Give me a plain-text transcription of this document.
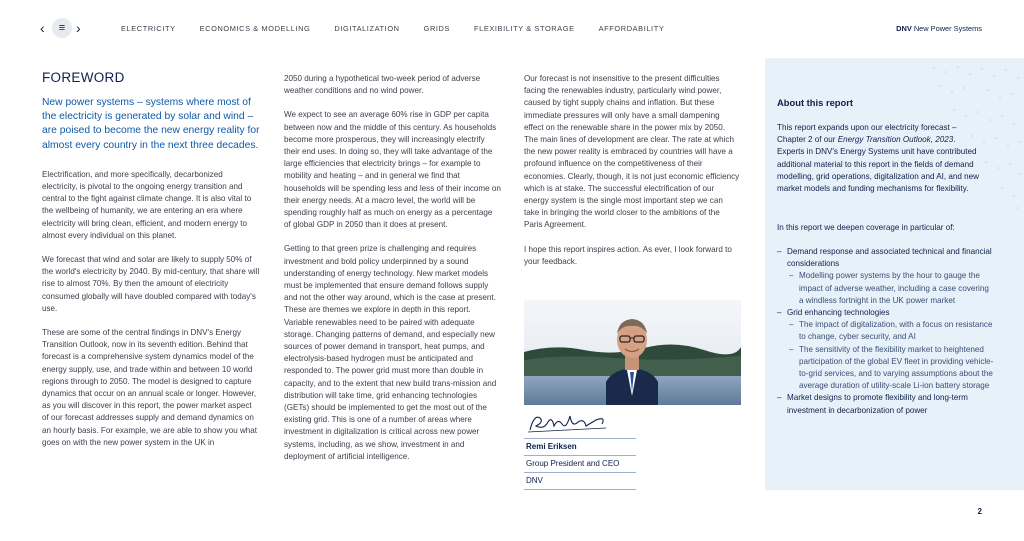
‹ ≡ ›	ELECTRICITY	ECONOMICS & MODELLING	DIGITALIZATION	GRIDS	FLEXIBILITY & STORAGE	AFFORDABILITY	DNV New Power Systems
FOREWORD
New power systems – systems where most of the electricity is generated by solar and wind – are poised to become the new energy reality for almost every country in the next three decades.

Electrification, and more specifically, decarbonized electricity, is pivotal to the ongoing energy transition and central to the fight against climate change. It is also vital to the wellbeing of humanity, we are entering an era where electricity will bring clean, efficient, and modern energy to almost every individual on this planet.

We forecast that wind and solar are likely to supply 50% of the world's electricity by 2040. By mid-century, that share will rise to almost 70%. By then the amount of electricity consumed globally will have doubled compared with today's use.

These are some of the central findings in DNV's Energy Transition Outlook, now in its seventh edition. Behind that forecast is a comprehensive system dynamics model of the energy supply, use, and trade within and between 10 world regions through to 2050. The model is designed to capture dynamics that occur on an annual scale or longer. However, as you will discover in this report, the power market aspect of our forecast addresses supply and demand dynamics on an hourly basis. For example, we are able to show you what goes on with the new power system in the UK in

2050 during a hypothetical two-week period of adverse weather conditions and no wind power.

We expect to see an average 60% rise in GDP per capita between now and the middle of this century. As households become more prosperous, they will increasingly electrify their end uses. In doing so, they will take advantage of the large efficiencies that electricity brings – for example to mobility and heating – and in general we find that households will be spending less and less of their income on their energy needs. At a macro level, the world will be spending roughly half as much on energy as a percentage of global GDP in 2050 than it does at present.

Getting to that green prize is challenging and requires investment and bold policy underpinned by a sound understanding of energy technology. New market models must be implemented that ensure demand follows supply and not the other way around, which is the case at present. These are themes we explore in depth in this report. Variable renewables need to be paired with adequate storage. Changing patterns of demand, and especially new sources of power demand in transport, heat pumps, and electrolysis-based hydrogen must be anticipated and responded to. The power grid must more than double in capacity, and to the extent that new build trans-mission and distribution will take time, grid enhancing technologies (GETs) should be implemented to get the most out of the existing grid. This is one of a number of areas where investment in digitalization is critical across new power systems, including, as we show, investment in and deployment of artificial intelligence.

Our forecast is not insensitive to the present difficulties facing the renewables industry, particularly wind power, caused by tight supply chains and inflation. But these immediate pressures will only have a small dampening effect on the renewable share in the power mix by 2050. The main lines of development are clear. The rate at which the new power reality is embraced by countries will have a profound influence on the competitiveness of their economies. Clearly, though, it is not just economic efficiency which is at stake. The successful electrification of our energy system is the single most important step we can take in bringing the world closer to the ambitions of the Paris Agreement.

I hope this report inspires action. As ever, I look forward to your feedback.

Remi Eriksen
Group President and CEO
DNV
About this report
This report expands upon our electricity forecast – Chapter 2 of our Energy Transition Outlook, 2023. Experts in DNV's Energy Systems unit have contributed additional material to this report in the fields of demand modelling, grid operations, digitalization and AI, and new market models and funding mechanisms for flexibility.
In this report we deepen coverage in particular of:
– Demand response and associated technical and financial considerations
– Modelling power systems by the hour to gauge the impact of adverse weather, including a case covering a windless fortnight in the UK power market
– Grid enhancing technologies
– The impact of digitalization, with a focus on resistance to change, cyber security, and AI
– The sensitivity of the flexibility market to heightened participation of the global EV fleet in providing vehicle-to-grid services, and to varying assumptions about the average duration of utility-scale Li-ion battery storage
– Market designs to promote flexibility and long-term investment in decarbonization of power
2
